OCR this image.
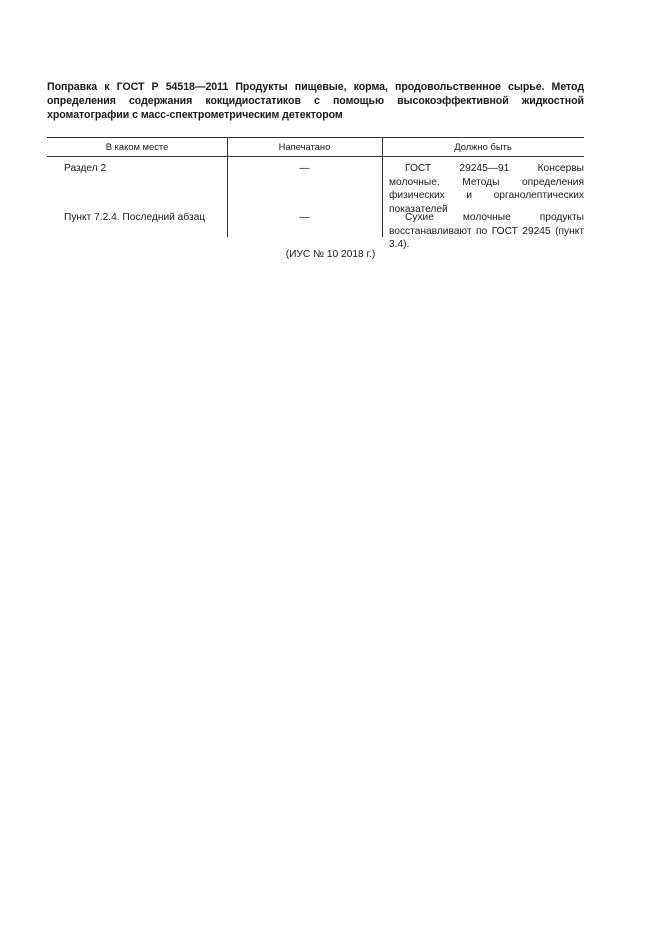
Поправка к ГОСТ Р 54518—2011 Продукты пищевые, корма, продовольственное сырье. Метод определения содержания кокцидиостатиков с помощью высокоэффективной жидкостной хроматографии с масс-спектрометрическим детектором
В каком месте	Напечатано	Должно быть
Раздел 2	—	ГОСТ 29245—91 Консервы молочные. Методы определения физических и органолептических показателей
Пункт 7.2.4. Последний абзац	—	Сухие молочные продукты восстанавливают по ГОСТ 29245 (пункт 3.4).
(ИУС № 10 2018 г.)
